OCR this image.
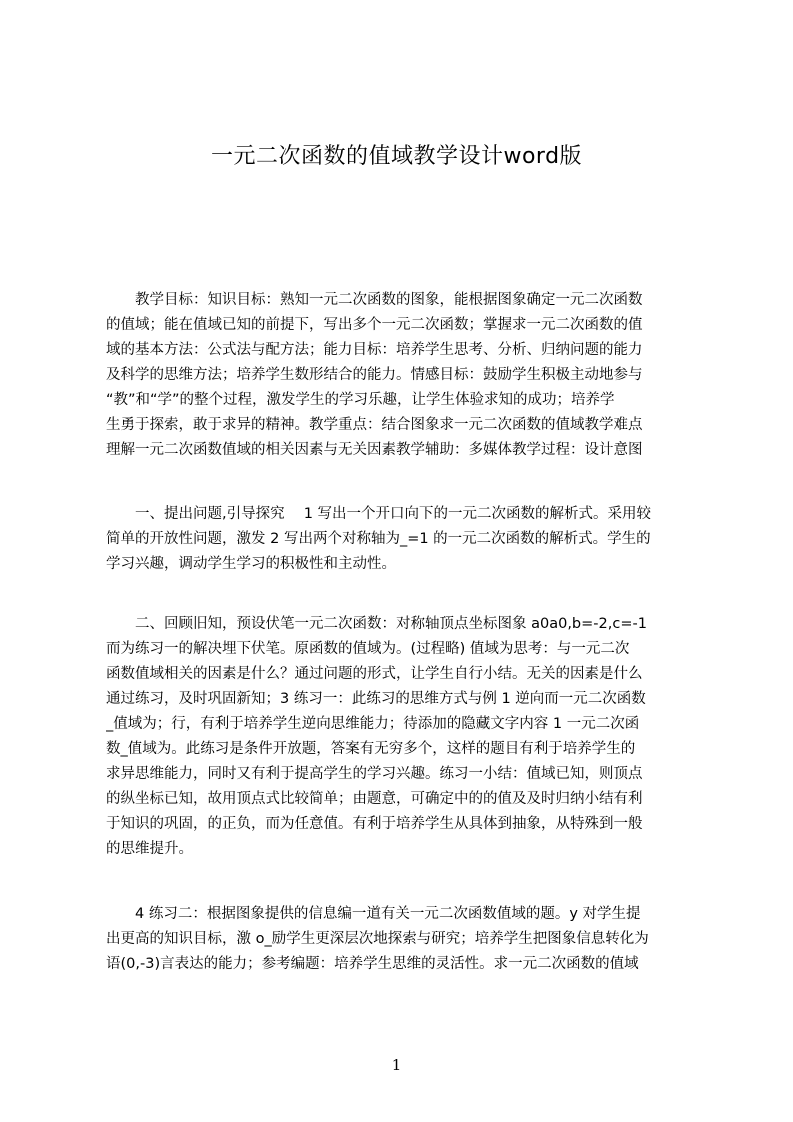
一元二次函数的值域教学设计word版
　　教学目标：知识目标：熟知一元二次函数的图象，能根据图象确定一元二次函数
的值域；能在值域已知的前提下，写出多个一元二次函数；掌握求一元二次函数的值
域的基本方法：公式法与配方法；能力目标：培养学生思考、分析、归纳问题的能力
及科学的思维方法；培养学生数形结合的能力。情感目标：鼓励学生积极主动地参与
“教”和“学”的整个过程，激发学生的学习乐趣，让学生体验求知的成功；培养学
生勇于探索，敢于求异的精神。教学重点：结合图象求一元二次函数的值域教学难点
理解一元二次函数值域的相关因素与无关因素教学辅助：多媒体教学过程：设计意图
　　一、提出问题,引导探究　 1 写出一个开口向下的一元二次函数的解析式。采用较
简单的开放性问题，激发 2 写出两个对称轴为_=1 的一元二次函数的解析式。学生的
学习兴趣，调动学生学习的积极性和主动性。
　　二、回顾旧知，预设伏笔一元二次函数：对称轴顶点坐标图象 a0a0,b=-2,c=-1
而为练习一的解决埋下伏笔。原函数的值域为。(过程略) 值域为思考：与一元二次
函数值域相关的因素是什么？通过问题的形式，让学生自行小结。无关的因素是什么
通过练习，及时巩固新知；3 练习一：此练习的思维方式与例 1 逆向而一元二次函数
_值域为；行，有利于培养学生逆向思维能力；待添加的隐藏文字内容 1 一元二次函
数_值域为。此练习是条件开放题，答案有无穷多个，这样的题目有利于培养学生的
求异思维能力，同时又有利于提高学生的学习兴趣。练习一小结：值域已知，则顶点
的纵坐标已知，故用顶点式比较简单；由题意，可确定中的的值及及时归纳小结有利
于知识的巩固，的正负，而为任意值。有利于培养学生从具体到抽象，从特殊到一般
的思维提升。
　　4 练习二：根据图象提供的信息编一道有关一元二次函数值域的题。y 对学生提
出更高的知识目标，激 o_励学生更深层次地探索与研究；培养学生把图象信息转化为
语(0,-3)言表达的能力；参考编题：培养学生思维的灵活性。求一元二次函数的值域
1
